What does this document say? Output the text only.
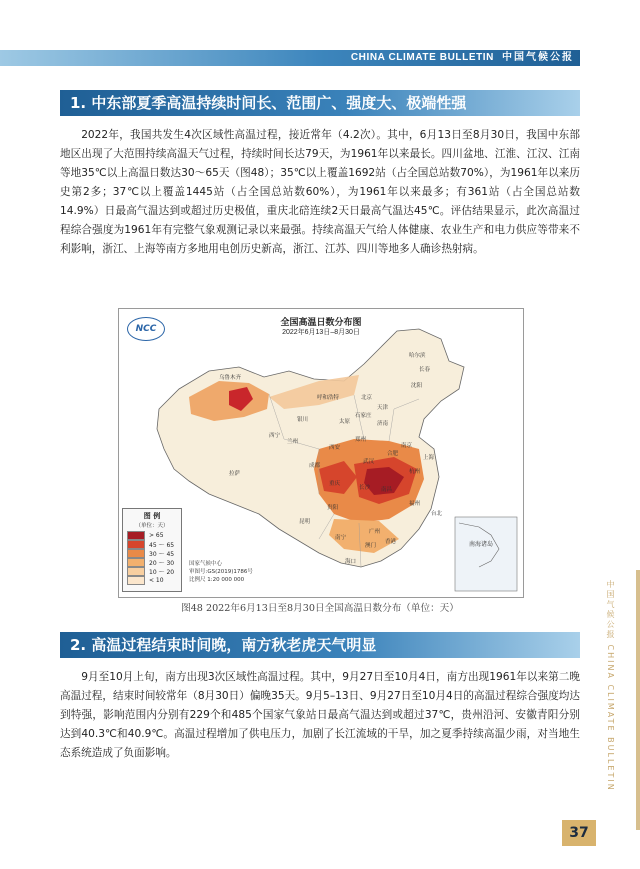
CHINA CLIMATE BULLETIN 中国气候公报
1. 中东部夏季高温持续时间长、范围广、强度大、极端性强

2022年，我国共发生4次区域性高温过程，接近常年（4.2次）。其中，6月13日至8月30日，我国中东部地区出现了大范围持续高温天气过程，持续时间长达79天，为1961年以来最长。四川盆地、江淮、江汉、江南等地35℃以上高温日数达30～65天（图48）；35℃以上覆盖1692站（占全国总站数70%），为1961年以来历史第2多；37℃以上覆盖1445站（占全国总站数60%），为1961年以来最多；有361站（占全国总站数14.9%）日最高气温达到或超过历史极值，重庆北碚连续2天日最高气温达45℃。评估结果显示，此次高温过程综合强度为1961年有完整气象观测记录以来最强。持续高温天气给人体健康、农业生产和电力供应等带来不利影响，浙江、上海等南方多地用电创历史新高，浙江、江苏、四川等地多人确诊热射病。

NCC
全国高温日数分布图
2022年6月13日–8月30日
哈尔滨
长春
沈阳
乌鲁木齐
呼和浩特	北京
天津
银川	太原
石家庄
济南
西宁
兰州	郑州
拉萨
西安
合肥
南京
上海
成都
武汉
杭州
重庆
长沙 南昌
福州
贵阳
台北
昆明
南宁
广州
香港
澳门
海口
南海诸岛
国家气候中心
审图号:GS(2019)1786号
比例尺 1:20 000 000
图 例
（单位：天）
> 65
45 ～ 65
30 ～ 45
20 ～ 30
10 ～ 20
< 10
图48 2022年6月13日至8月30日全国高温日数分布（单位：天）
2. 高温过程结束时间晚，南方秋老虎天气明显

9月至10月上旬，南方出现3次区域性高温过程。其中，9月27日至10月4日，南方出现1961年以来第二晚高温过程，结束时间较常年（8月30日）偏晚35天。9月5–13日、9月27日至10月4日的高温过程综合强度均达到特强，影响范围内分别有229个和485个国家气象站日最高气温达到或超过37℃，贵州沿河、安徽青阳分别达到40.3℃和40.9℃。高温过程增加了供电压力，加剧了长江流域的干旱，加之夏季持续高温少雨，对当地生态系统造成了负面影响。	中国气候公报 CHINA CLIMATE BULLETIN
37
